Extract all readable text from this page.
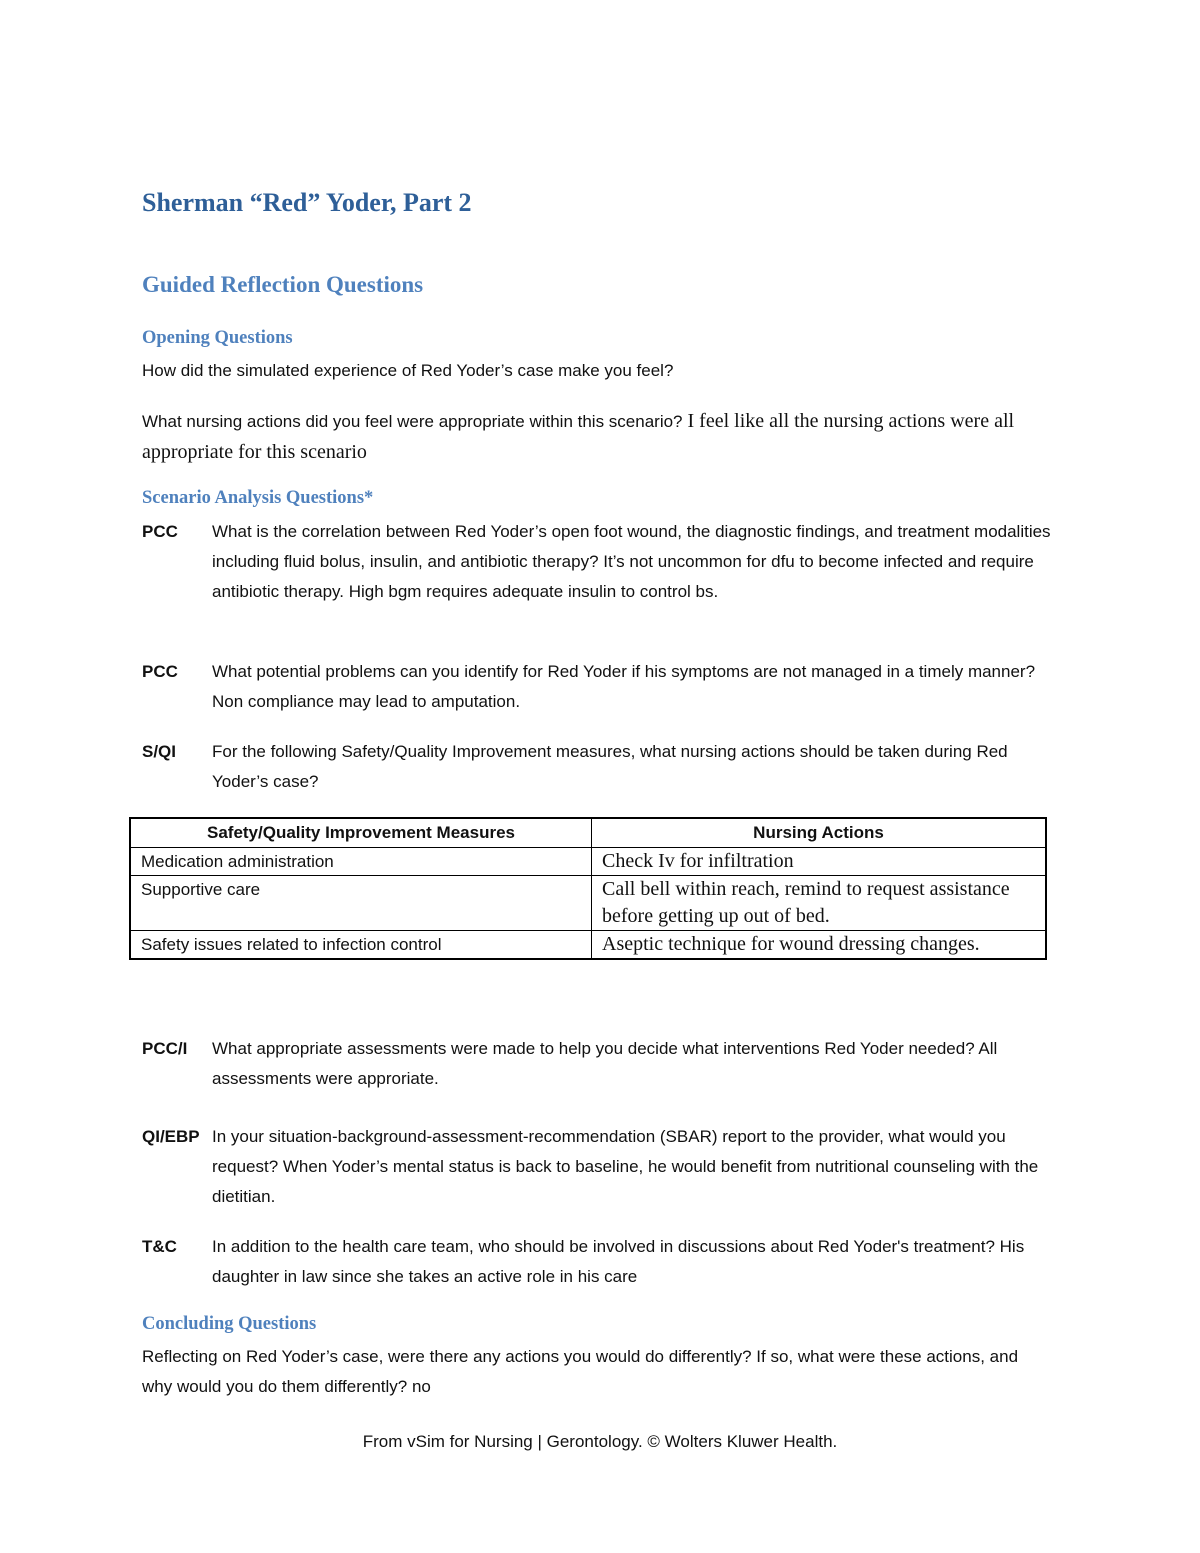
Sherman “Red” Yoder, Part 2
Guided Reflection Questions
Opening Questions
How did the simulated experience of Red Yoder’s case make you feel?
What nursing actions did you feel were appropriate within this scenario? I feel like all the nursing actions were all appropriate for this scenario
Scenario Analysis Questions*
PCC What is the correlation between Red Yoder’s open foot wound, the diagnostic findings, and treatment modalities including fluid bolus, insulin, and antibiotic therapy? It’s not uncommon for dfu to become infected and require antibiotic therapy. High bgm requires adequate insulin to control bs.
PCC What potential problems can you identify for Red Yoder if his symptoms are not managed in a timely manner? Non compliance may lead to amputation.
S/QI For the following Safety/Quality Improvement measures, what nursing actions should be taken during Red Yoder’s case?
Safety/Quality Improvement Measures	Nursing Actions
Medication administration	Check Iv for infiltration
Supportive care	Call bell within reach, remind to request assistance before getting up out of bed.
Safety issues related to infection control	Aseptic technique for wound dressing changes.
PCC/I What appropriate assessments were made to help you decide what interventions Red Yoder needed? All assessments were approriate.
QI/EBP In your situation-background-assessment-recommendation (SBAR) report to the provider, what would you request? When Yoder’s mental status is back to baseline, he would benefit from nutritional counseling with the dietitian.
T&C In addition to the health care team, who should be involved in discussions about Red Yoder's treatment? His daughter in law since she takes an active role in his care
Concluding Questions
Reflecting on Red Yoder’s case, were there any actions you would do differently? If so, what were these actions, and why would you do them differently? no
From vSim for Nursing | Gerontology. © Wolters Kluwer Health.
